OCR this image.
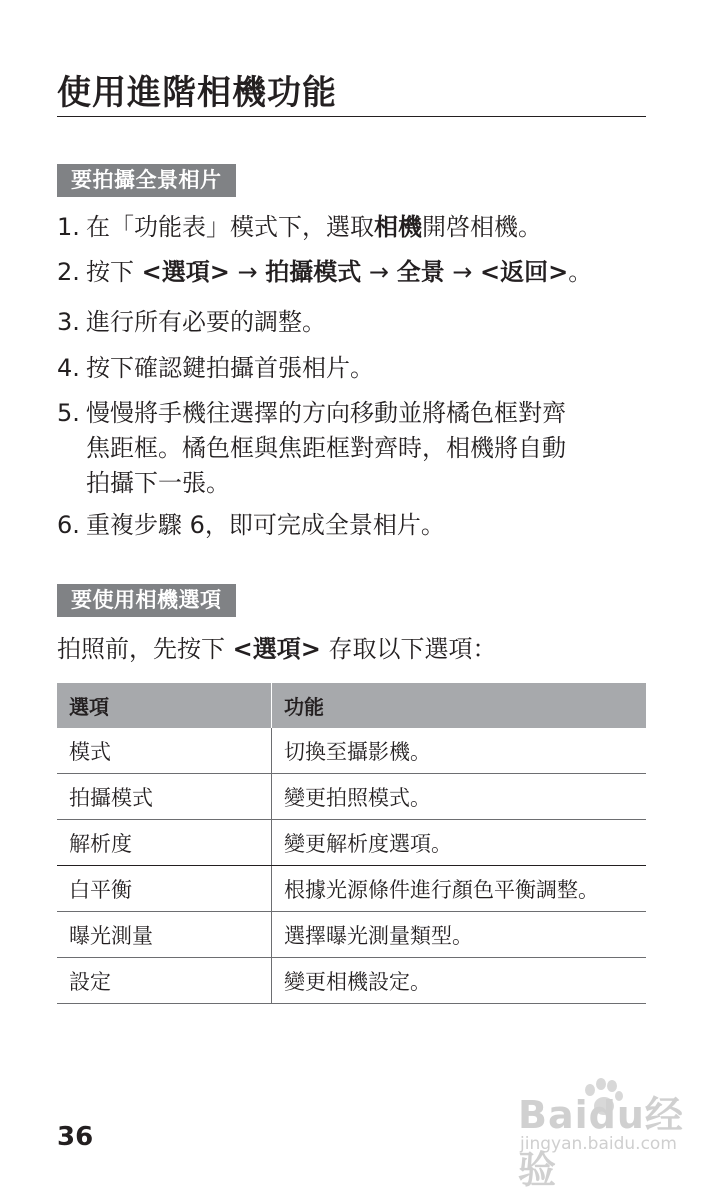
使用進階相機功能
要拍攝全景相片
1. 在「功能表」模式下，選取相機開啓相機。
2. 按下 <選項> → 拍攝模式 → 全景 → <返回>。
3. 進行所有必要的調整。
4. 按下確認鍵拍攝首張相片。
5. 慢慢將手機往選擇的方向移動並將橘色框對齊
焦距框。橘色框與焦距框對齊時，相機將自動
拍攝下一張。
6. 重複步驟 6，即可完成全景相片。
要使用相機選項

拍照前，先按下 <選項> 存取以下選項：

選項	功能
模式	切換至攝影機。
拍攝模式	變更拍照模式。
解析度	變更解析度選項。
白平衡	根據光源條件進行顏色平衡調整。
曝光測量	選擇曝光測量類型。
設定	變更相機設定。
36	Baidu经验
jingyan.baidu.com
